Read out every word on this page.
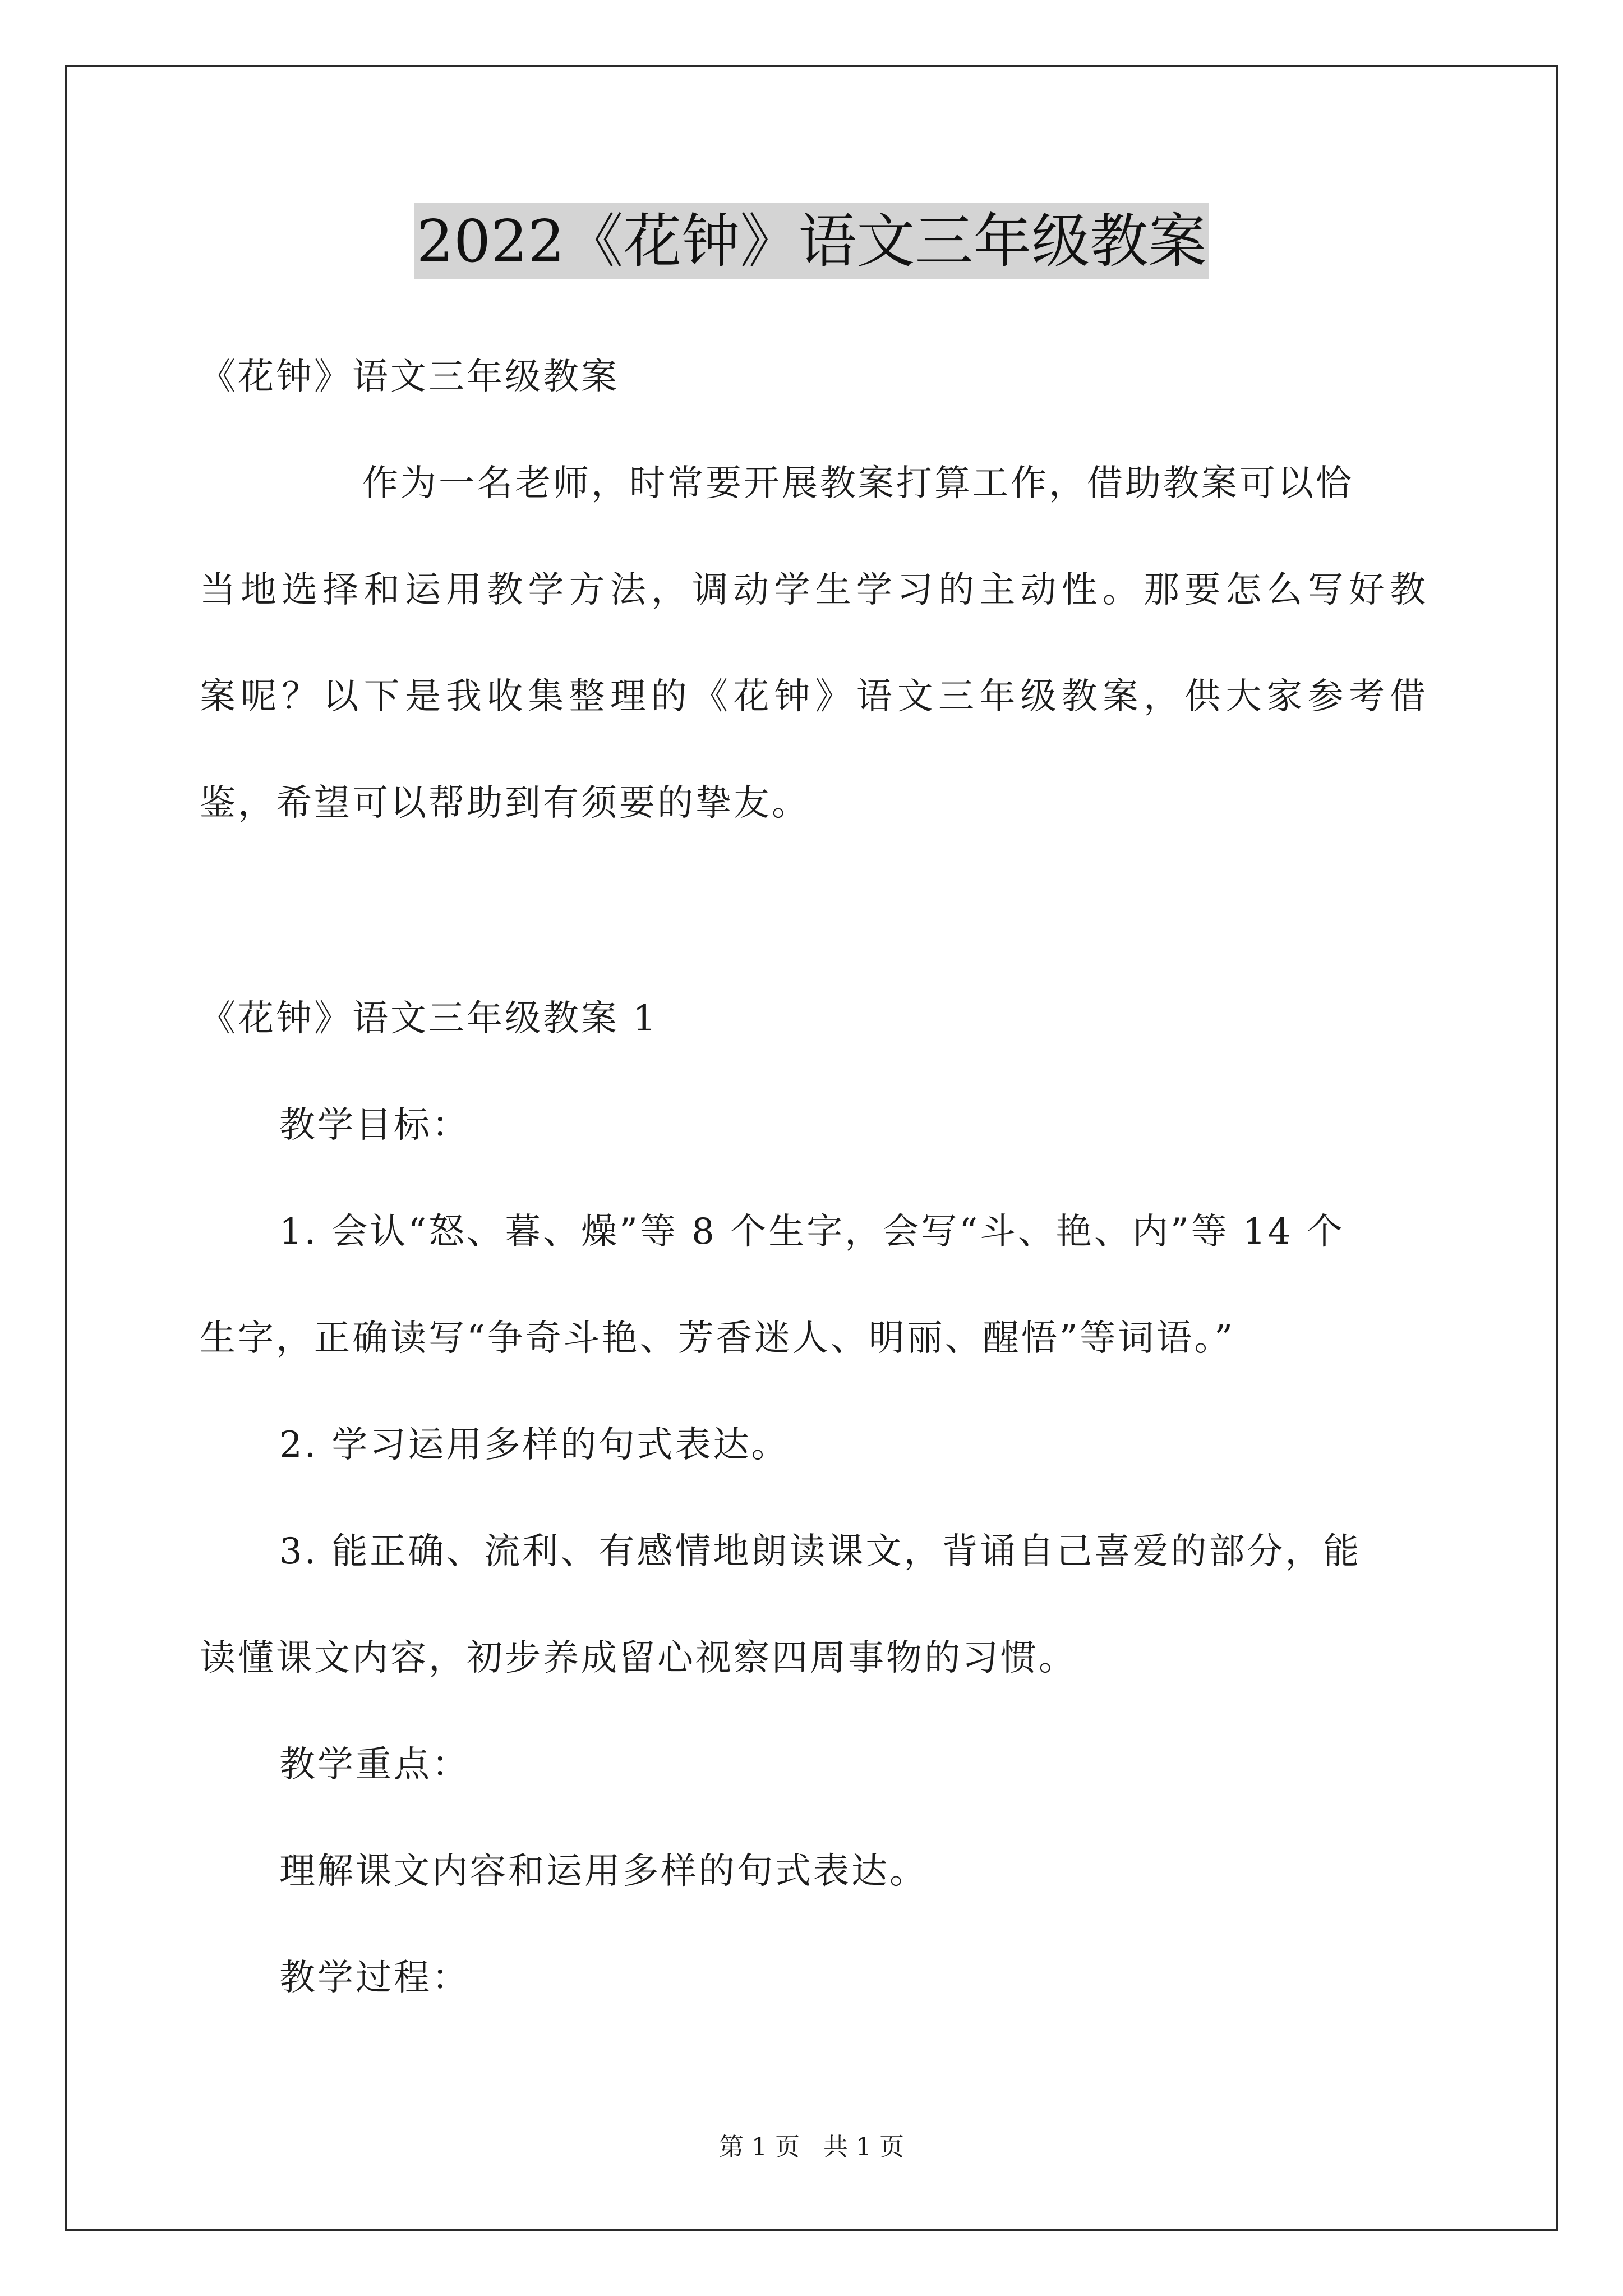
2022《花钟》语文三年级教案
《花钟》语文三年级教案
作为一名老师，时常要开展教案打算工作，借助教案可以恰
当地选择和运用教学方法，调动学生学习的主动性。那要怎么写好教
案呢？以下是我收集整理的《花钟》语文三年级教案，供大家参考借
鉴，希望可以帮助到有须要的挚友。
《花钟》语文三年级教案 1
教学目标：
1. 会认“怒、暮、燥”等 8 个生字，会写“斗、艳、内”等 14 个
生字，正确读写“争奇斗艳、芳香迷人、明丽、醒悟”等词语。”
2. 学习运用多样的句式表达。
3. 能正确、流利、有感情地朗读课文，背诵自己喜爱的部分，能
读懂课文内容，初步养成留心视察四周事物的习惯。
教学重点：
理解课文内容和运用多样的句式表达。
教学过程：
第 1 页 共 1 页
